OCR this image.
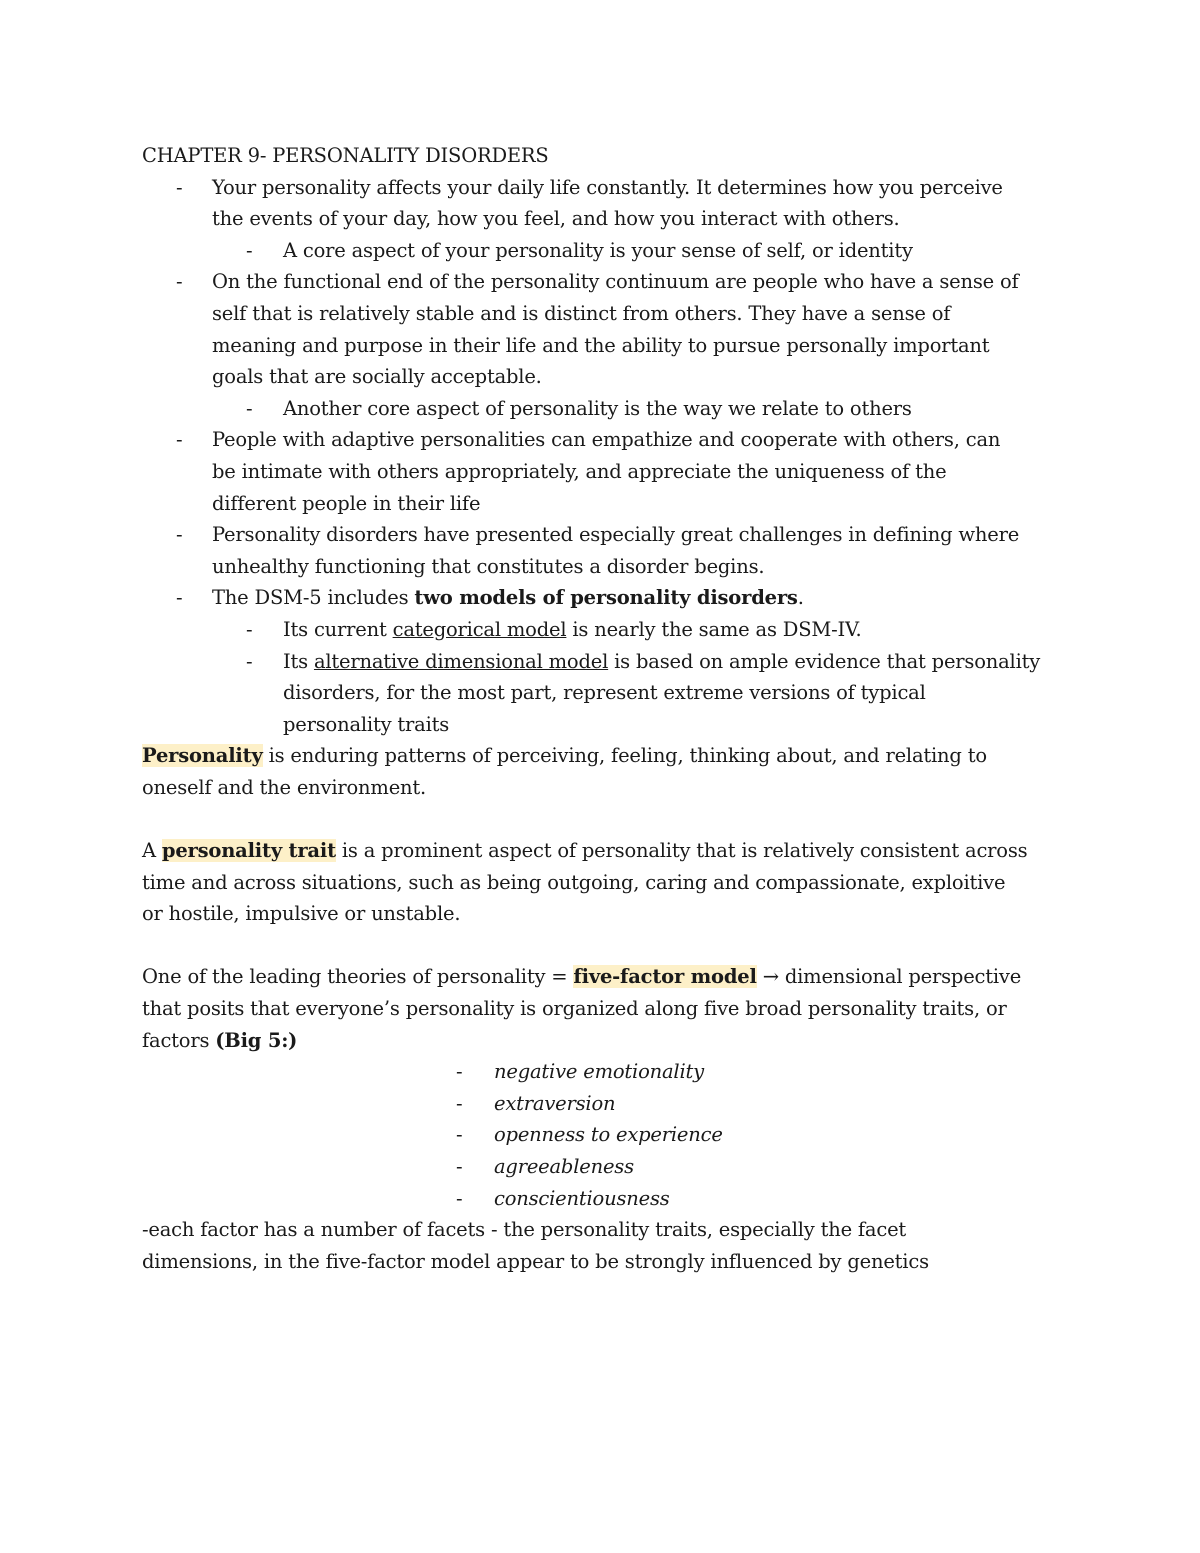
CHAPTER 9- PERSONALITY DISORDERS
- Your personality affects your daily life constantly. It determines how you perceive
the events of your day, how you feel, and how you interact with others.
- A core aspect of your personality is your sense of self, or identity
- On the functional end of the personality continuum are people who have a sense of
self that is relatively stable and is distinct from others. They have a sense of
meaning and purpose in their life and the ability to pursue personally important
goals that are socially acceptable.
- Another core aspect of personality is the way we relate to others
- People with adaptive personalities can empathize and cooperate with others, can
be intimate with others appropriately, and appreciate the uniqueness of the
different people in their life
- Personality disorders have presented especially great challenges in defining where
unhealthy functioning that constitutes a disorder begins.
- The DSM-5 includes two models of personality disorders.
- Its current categorical model is nearly the same as DSM-IV.
- Its alternative dimensional model is based on ample evidence that personality
disorders, for the most part, represent extreme versions of typical
personality traits
Personality is enduring patterns of perceiving, feeling, thinking about, and relating to
oneself and the environment.
A personality trait is a prominent aspect of personality that is relatively consistent across
time and across situations, such as being outgoing, caring and compassionate, exploitive
or hostile, impulsive or unstable.
One of the leading theories of personality = five-factor model → dimensional perspective
that posits that everyone’s personality is organized along five broad personality traits, or
factors (Big 5:)
- negative emotionality
- extraversion
- openness to experience
- agreeableness
- conscientiousness
-each factor has a number of facets - the personality traits, especially the facet
dimensions, in the five-factor model appear to be strongly influenced by genetics
